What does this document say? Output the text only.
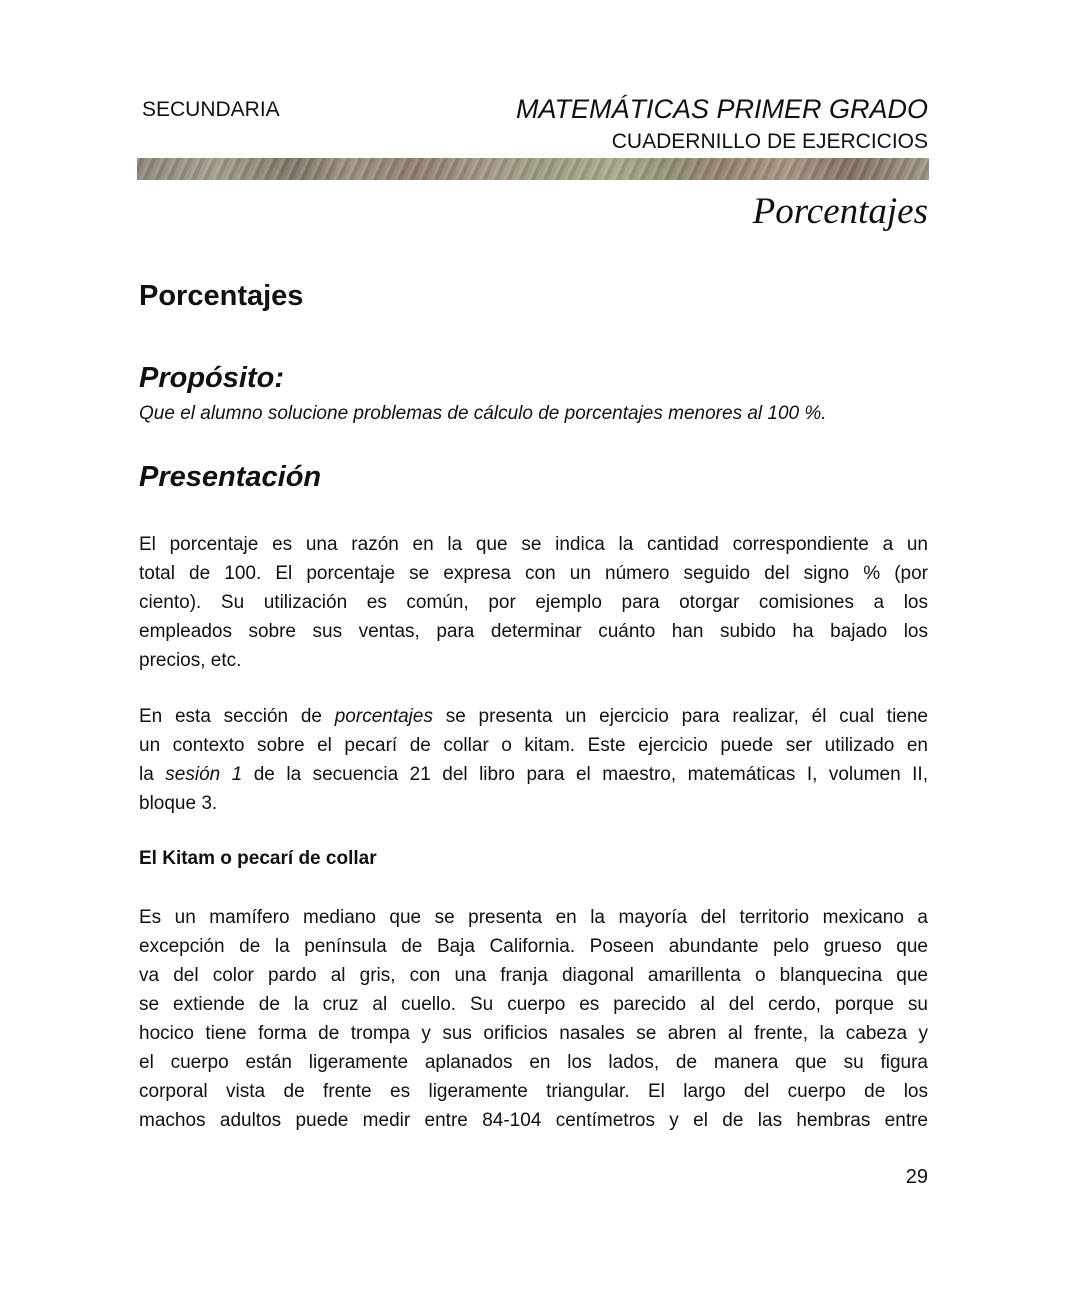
SECUNDARIA	MATEMÁTICAS PRIMER GRADO
CUADERNILLO DE EJERCICIOS
Porcentajes
Porcentajes
Propósito:
Que el alumno solucione problemas de cálculo de porcentajes menores al 100 %.
Presentación
El porcentaje es una razón en la que se indica la cantidad correspondiente a un
total de 100. El porcentaje se expresa con un número seguido del signo % (por
ciento). Su utilización es común, por ejemplo para otorgar comisiones a los
empleados sobre sus ventas, para determinar cuánto han subido ha bajado los
precios, etc.
En esta sección de porcentajes se presenta un ejercicio para realizar, él cual tiene
un contexto sobre el pecarí de collar o kitam. Este ejercicio puede ser utilizado en
la sesión 1 de la secuencia 21 del libro para el maestro, matemáticas I, volumen II,
bloque 3.
El Kitam o pecarí de collar
Es un mamífero mediano que se presenta en la mayoría del territorio mexicano a
excepción de la península de Baja California. Poseen abundante pelo grueso que
va del color pardo al gris, con una franja diagonal amarillenta o blanquecina que
se extiende de la cruz al cuello. Su cuerpo es parecido al del cerdo, porque su
hocico tiene forma de trompa y sus orificios nasales se abren al frente, la cabeza y
el cuerpo están ligeramente aplanados en los lados, de manera que su figura
corporal vista de frente es ligeramente triangular. El largo del cuerpo de los
machos adultos puede medir entre 84-104 centímetros y el de las hembras entre
29
